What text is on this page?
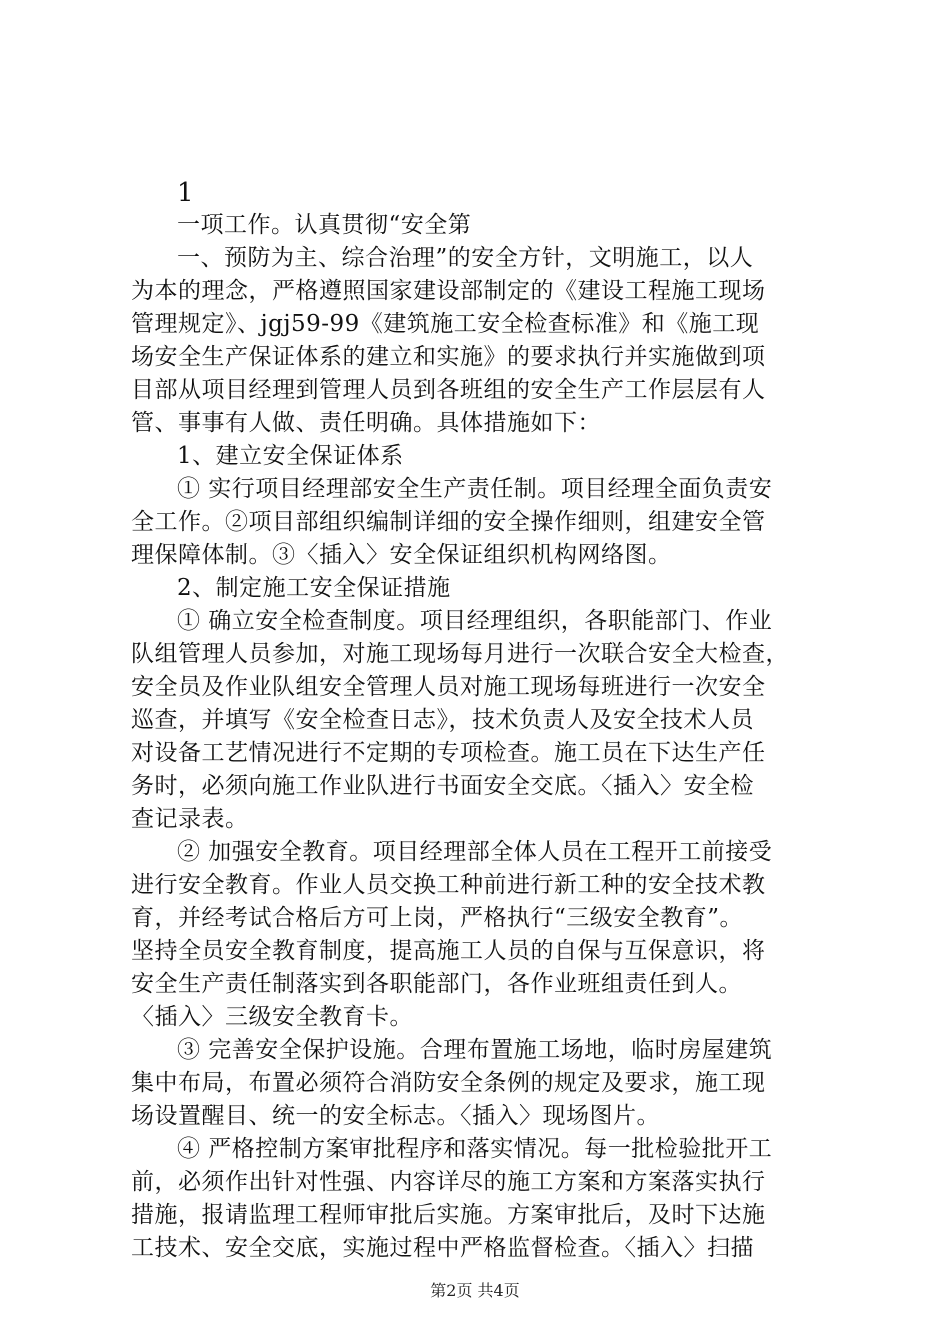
1
一项工作。认真贯彻“安全第
一、预防为主、综合治理”的安全方针，文明施工，以人
为本的理念，严格遵照国家建设部制定的《建设工程施工现场
管理规定》、jgj59-99《建筑施工安全检查标准》和《施工现
场安全生产保证体系的建立和实施》的要求执行并实施做到项
目部从项目经理到管理人员到各班组的安全生产工作层层有人
管、事事有人做、责任明确。具体措施如下：
1、建立安全保证体系
① 实行项目经理部安全生产责任制。项目经理全面负责安
全工作。②项目部组织编制详细的安全操作细则，组建安全管
理保障体制。③〈插入〉安全保证组织机构网络图。
2、制定施工安全保证措施
① 确立安全检查制度。项目经理组织，各职能部门、作业
队组管理人员参加，对施工现场每月进行一次联合安全大检查，
安全员及作业队组安全管理人员对施工现场每班进行一次安全
巡查，并填写《安全检查日志》，技术负责人及安全技术人员
对设备工艺情况进行不定期的专项检查。施工员在下达生产任
务时，必须向施工作业队进行书面安全交底。〈插入〉安全检
查记录表。
② 加强安全教育。项目经理部全体人员在工程开工前接受
进行安全教育。作业人员交换工种前进行新工种的安全技术教
育，并经考试合格后方可上岗，严格执行“三级安全教育”。
坚持全员安全教育制度，提高施工人员的自保与互保意识，将
安全生产责任制落实到各职能部门，各作业班组责任到人。
〈插入〉三级安全教育卡。
③ 完善安全保护设施。合理布置施工场地，临时房屋建筑
集中布局，布置必须符合消防安全条例的规定及要求，施工现
场设置醒目、统一的安全标志。〈插入〉现场图片。
④ 严格控制方案审批程序和落实情况。每一批检验批开工
前，必须作出针对性强、内容详尽的施工方案和方案落实执行
措施，报请监理工程师审批后实施。方案审批后，及时下达施
工技术、安全交底，实施过程中严格监督检查。〈插入〉扫描
第2页 共4页
